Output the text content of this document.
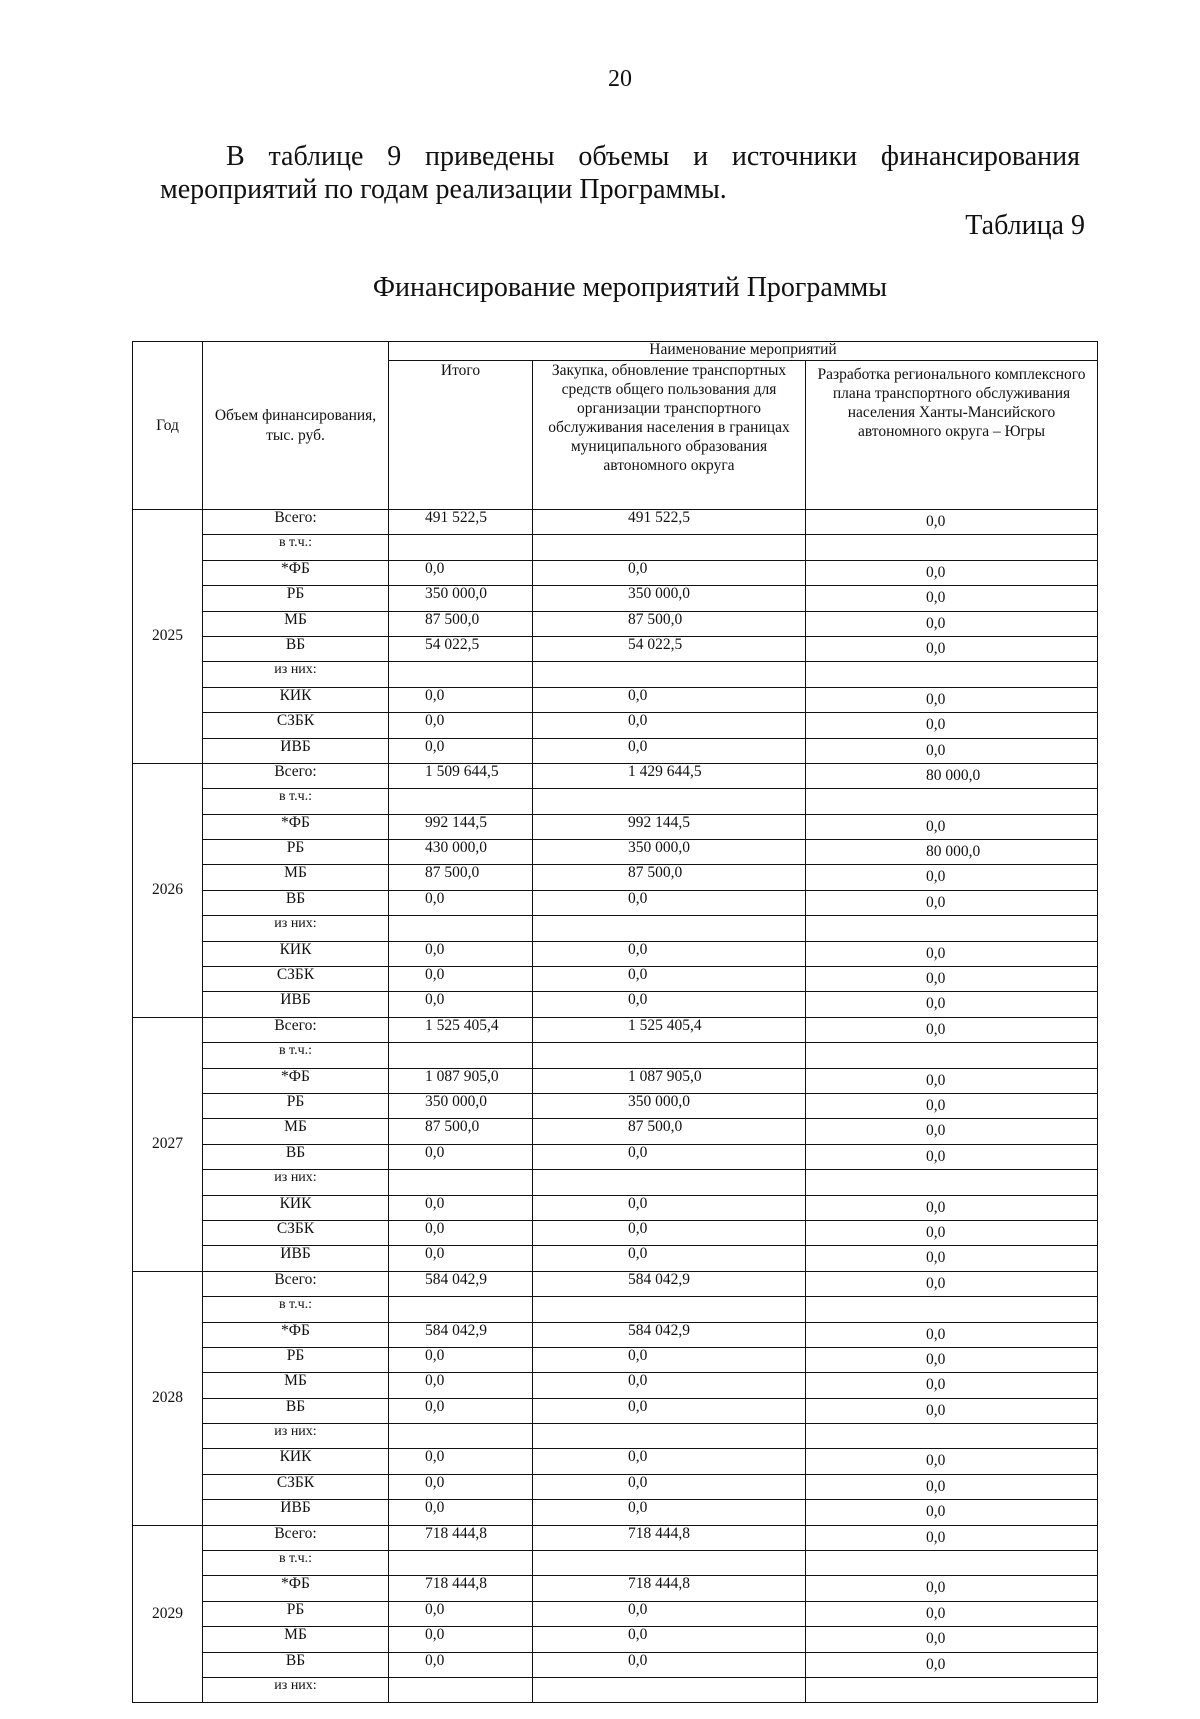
20
В таблице 9 приведены объемы и источники финансирования мероприятий по годам реализации Программы.
Таблица 9
Финансирование мероприятий Программы
Год	Объем финансирования, тыс. руб.	Наименование мероприятий		
		Итого	Закупка, обновление транспортных средств общего пользования для организации транспортного обслуживания населения в границах муниципального образования автономного округа	Разработка регионального комплексного плана транспортного обслуживания населения Ханты-Мансийского автономного округа – Югры
2025	Всего:	491 522,5	491 522,5	0,0
	в т.ч.:			
	*ФБ	0,0	0,0	0,0
	РБ	350 000,0	350 000,0	0,0
	МБ	87 500,0	87 500,0	0,0
	ВБ	54 022,5	54 022,5	0,0
	из них:			
	КИК	0,0	0,0	0,0
	СЗБК	0,0	0,0	0,0
	ИВБ	0,0	0,0	0,0
2026	Всего:	1 509 644,5	1 429 644,5	80 000,0
	в т.ч.:			
	*ФБ	992 144,5	992 144,5	0,0
	РБ	430 000,0	350 000,0	80 000,0
	МБ	87 500,0	87 500,0	0,0
	ВБ	0,0	0,0	0,0
	из них:			
	КИК	0,0	0,0	0,0
	СЗБК	0,0	0,0	0,0
	ИВБ	0,0	0,0	0,0
2027	Всего:	1 525 405,4	1 525 405,4	0,0
	в т.ч.:			
	*ФБ	1 087 905,0	1 087 905,0	0,0
	РБ	350 000,0	350 000,0	0,0
	МБ	87 500,0	87 500,0	0,0
	ВБ	0,0	0,0	0,0
	из них:			
	КИК	0,0	0,0	0,0
	СЗБК	0,0	0,0	0,0
	ИВБ	0,0	0,0	0,0
2028	Всего:	584 042,9	584 042,9	0,0
	в т.ч.:			
	*ФБ	584 042,9	584 042,9	0,0
	РБ	0,0	0,0	0,0
	МБ	0,0	0,0	0,0
	ВБ	0,0	0,0	0,0
	из них:			
	КИК	0,0	0,0	0,0
	СЗБК	0,0	0,0	0,0
	ИВБ	0,0	0,0	0,0
2029	Всего:	718 444,8	718 444,8	0,0
	в т.ч.:			
	*ФБ	718 444,8	718 444,8	0,0
	РБ	0,0	0,0	0,0
	МБ	0,0	0,0	0,0
	ВБ	0,0	0,0	0,0
	из них:			
